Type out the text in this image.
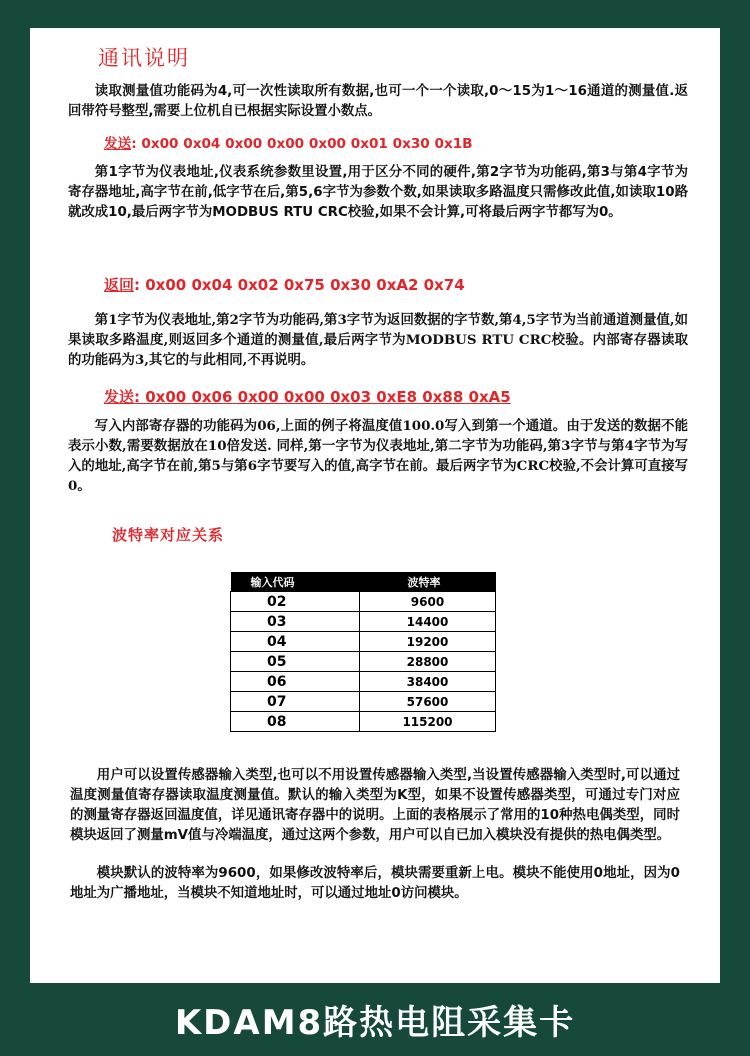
通讯说明

读取测量值功能码为4,可一次性读取所有数据,也可一个一个读取,0～15为1～16通道的测量值.返回带符号整型,需要上位机自已根据实际设置小数点。

发送: 0x00 0x04 0x00 0x00 0x00 0x01 0x30 0x1B

第1字节为仪表地址,仪表系统参数里设置,用于区分不同的硬件,第2字节为功能码,第3与第4字节为寄存器地址,高字节在前,低字节在后,第5,6字节为参数个数,如果读取多路温度只需修改此值,如读取10路就改成10,最后两字节为MODBUS RTU CRC校验,如果不会计算,可将最后两字节都写为0。

返回: 0x00 0x04 0x02 0x75 0x30 0xA2 0x74

第1字节为仪表地址,第2字节为功能码,第3字节为返回数据的字节数,第4,5字节为当前通道测量值,如果读取多路温度,则返回多个通道的测量值,最后两字节为MODBUS RTU CRC校验。内部寄存器读取的功能码为3,其它的与此相同,不再说明。

发送: 0x00 0x06 0x00 0x00 0x03 0xE8 0x88 0xA5

写入内部寄存器的功能码为06,上面的例子将温度值100.0写入到第一个通道。由于发送的数据不能表示小数,需要数据放在10倍发送. 同样,第一字节为仪表地址,第二字节为功能码,第3字节与第4字节为写入的地址,高字节在前,第5与第6字节要写入的值,高字节在前。最后两字节为CRC校验,不会计算可直接写0。

波特率对应关系
输入代码	波特率
02	9600
03	14400
04	19200
05	28800
06	38400
07	57600
08	115200

用户可以设置传感器输入类型,也可以不用设置传感器输入类型,当设置传感器输入类型时,可以通过温度测量值寄存器读取温度测量值。默认的输入类型为K型，如果不设置传感器类型，可通过专门对应的测量寄存器返回温度值，详见通讯寄存器中的说明。上面的表格展示了常用的10种热电偶类型，同时模块返回了测量mV值与冷端温度，通过这两个参数，用户可以自已加入模块没有提供的热电偶类型。

模块默认的波特率为9600，如果修改波特率后，模块需要重新上电。模块不能使用0地址，因为0地址为广播地址，当模块不知道地址时，可以通过地址0访问模块。

KDAM8路热电阻采集卡
